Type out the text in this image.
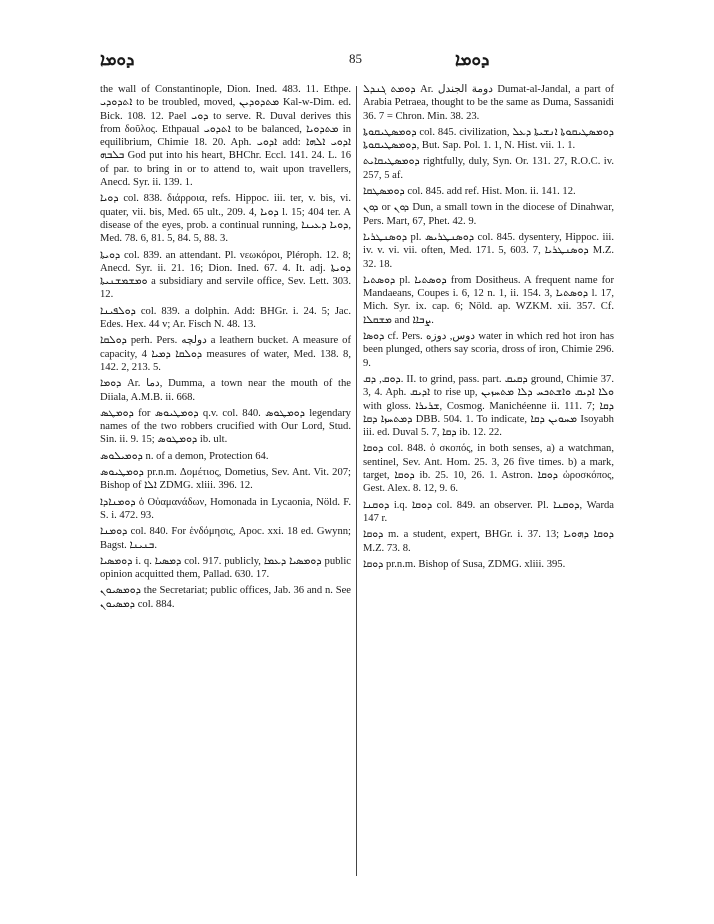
ܕܘܡܐ	85	ܕܘܡܐ

the wall of Constantinople, Dion. Ined. 483. 11. Ethpe. ܐܬܕܘܕܝ to be troubled, moved, ܡܬܕܘܕܝܢ Kal-w-Dim. ed. Bick. 108. 12. Pael ܕܘܝ to serve. R. Duval derives this from δοῦλος. Ethpaual ܐܬܕܘܝ to be balanced, ܡܬܕܘܝܐ in equilibrium, Chimie 18. 20. Aph. ܐܕܘܝ add: ܐܕܘܝ ܐܠܗܐ ܒܠܒܗ God put into his heart, BHChr. Eccl. 141. 24. L. 16 of par. to bring in or to attend to, wait upon travellers, Anecd. Syr. ii. 139. 1.

ܕܘܝܐ col. 838. διάρροια, refs. Hippoc. iii. ter, v. bis, vi. quater, vii. bis, Med. 65 ult., 209. 4, ܕܘܝܐ l. 15; 404 ter. A disease of the eyes, prob. a continual running, ܕܘܝܐ ܕܥܝܢܐ, Med. 78. 6, 81. 5, 84. 5, 88. 3.

ܕܘܝܬܐ col. 839. an attendant. Pl. νεωκόροι, Pléroph. 12. 8; Anecd. Syr. ii. 21. 16; Dion. Ined. 67. 4. It. adj. ܕܘܝܬܐ ܘܡܫܡܫܢܝܬܐ a subsidiary and servile office, Sev. Lett. 303. 12.

ܕܘܠܦܝܢܐ col. 839. a dolphin. Add: BHGr. i. 24. 5; Jac. Edes. Hex. 44 v; Ar. Fisch N. 48. 13.

ܕܘܠܩܐ perh. Pers. دولچه a leathern bucket. A measure of capacity, ܕܘܠܩܐ ܕܡܝܐ 4 measures of water, Med. 138. 8, 142. 2, 213. 5.

ܕܘܡܐ Ar. دما, Dumma, a town near the mouth of the Diiala, A.M.B. ii. 668.

ܕܘܡܛܣ for ܕܘܡܛܝܘܣ q.v. col. 840. ܕܘܡܛܘܣ legendary names of the two robbers crucified with Our Lord, Stud. Sin. ii. 9. 15; ܕܘܡܛܘܣ ib. ult.

ܕܘܡܝܠܘܣ n. of a demon, Protection 64.

ܕܘܡܛܝܘܣ pr.n.m. Δομέτιος, Dometius, Sev. Ant. Vit. 207; Bishop of ܐܠܐ ZDMG. xliii. 396. 12.

ܕܘܡܢܐܕܐ ὁ Οὐαμανάδων, Homonada in Lycaonia, Nöld. F. S. i. 472. 93.

ܕܘܡܢܐ col. 840. For ἑνδόμησις, Apoc. xxi. 18 ed. Gwynn; Bagst. ܒܢܝܢܐ.

ܕܘܡܣܝܐ i. q. ܕܡܣܝܐ col. 917. publicly, ܕܘܡܣܝܐ ܕܥܡܐ public opinion acquitted them, Pallad. 630. 17.

ܕܘܡܣܝܘܢ the Secretariat; public offices, Jab. 36 and n. See ܕܡܣܝܘܢ col. 884.

ܕܘܡܬ ܓܢܕܠ Ar. دومة الجندل Dumat-al-Jandal, a part of Arabia Petraea, thought to be the same as Duma, Sassanidi 36. 7 = Chron. Min. 38. 23.

ܕܘܡܣܛܝܩܘܬܐ col. 845. civilization, ܕܘܡܣܛܝܩܘܬܐ ܐܢܫܝܬܐ ܕܥܠ ܕܘܡܣܛܝܩܘܬܐ, But. Sap. Pol. 1. 1, N. Hist. vii. 1. 1.

ܕܘܡܣܛܝܩܐܝܬ rightfully, duly, Syn. Or. 131. 27, R.O.C. iv. 257, 5 af.

ܕܘܡܣܛܩܐ col. 845. add ref. Hist. Mon. ii. 141. 12.

ܕܘܢ or ܕܘܢ Dun, a small town in the diocese of Dinahwar, Pers. Mart, 67, Phet. 42. 9.

ܕܘܣܢܛܪܝܐ pl. ܕܘܣܢܛܪܝܣ col. 845. dysentery, Hippoc. iii. iv. v. vi. vii. often, Med. 171. 5, 603. 7, ܕܘܣܢܛܪܝܐ M.Z. 32. 18.

ܕܘܣܬܝܐ pl. ܕܘܣܬܝܐ from Dositheus. A frequent name for Mandaeans, Coupes i. 6, 12 n. 1, ii. 154. 3, ܕܘܣܬܝܐ l. 17, Mich. Syr. ix. cap. 6; Nöld. ap. WZKM. xii. 357. Cf. ܡܫܩܠܐ and ܨܒܐܐ.

ܕܘܣܐ cf. Pers. دوس, دوزه water in which red hot iron has been plunged, others say scoria, dross of iron, Chimie 296. 9.

ܕܘܩ, ܕܩ. II. to grind, pass. part. ܕܩܝܩ ground, Chimie 37. 3, 4. Aph. ܐܕܝܩ to rise up, ܘܠܐ ܐܕܝܩ ܘܐܫܬܟܚ ܕܠܐ ܡܬܚܙܝܢ with gloss. ܫܪܝܪܐ, Cosmog. Manichéenne ii. 111. 7; ܕܩܐ ܕܡܬܚܙܐ ܕܩܐ DBB. 504. 1. To indicate, ܡܚܘܝܢ ܕܩܐ Isoyabh iii. ed. Duval 5. 7, ܕܩܐ ib. 12. 22.

ܕܘܩܐ col. 848. ὁ σκοπός, in both senses, a) a watchman, sentinel, Sev. Ant. Hom. 25. 3, 26 five times. b) a mark, target, ܕܘܩܐ ib. 25. 10, 26. 1. Astron. ܕܘܩܐ ὡροσκόπος, Gest. Alex. 8. 12, 9. 6.

ܕܘܩܢܐ i.q. ܕܘܩܐ col. 849. an observer. Pl. ܕܘܩܢܐ, Warda 147 r.

ܕܘܩܐ m. a student, expert, BHGr. i. 37. 13; ܕܘܩܐ ܕܗܘܝܐ M.Z. 73. 8.

ܕܘܩܐ pr.n.m. Bishop of Susa, ZDMG. xliii. 395.
